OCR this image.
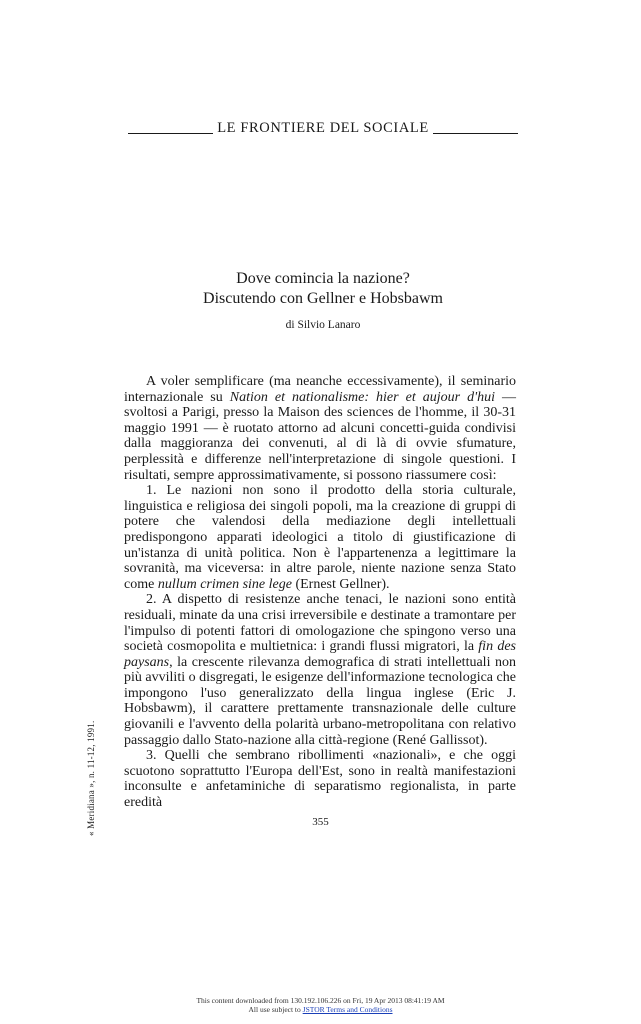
LE FRONTIERE DEL SOCIALE
Dove comincia la nazione?
Discutendo con Gellner e Hobsbawm
di Silvio Lanaro

A voler semplificare (ma neanche eccessivamente), il seminario internazionale su Nation et nationalisme: hier et aujour d'hui — svoltosi a Parigi, presso la Maison des sciences de l'homme, il 30-31 maggio 1991 — è ruotato attorno ad alcuni concetti-guida condivisi dalla maggioranza dei convenuti, al di là di ovvie sfumature, perplessità e differenze nell'interpretazione di singole questioni. I risultati, sempre approssimativamente, si possono riassumere così:

1. Le nazioni non sono il prodotto della storia culturale, linguistica e religiosa dei singoli popoli, ma la creazione di gruppi di potere che valendosi della mediazione degli intellettuali predispongono apparati ideologici a titolo di giustificazione di un'istanza di unità politica. Non è l'appartenenza a legittimare la sovranità, ma viceversa: in altre parole, niente nazione senza Stato come nullum crimen sine lege (Ernest Gellner).

2. A dispetto di resistenze anche tenaci, le nazioni sono entità residuali, minate da una crisi irreversibile e destinate a tramontare per l'impulso di potenti fattori di omologazione che spingono verso una società cosmopolita e multietnica: i grandi flussi migratori, la fin des paysans, la crescente rilevanza demografica di strati intellettuali non più avviliti o disgregati, le esigenze dell'informazione tecnologica che impongono l'uso generalizzato della lingua inglese (Eric J. Hobsbawm), il carattere prettamente transnazionale delle culture giovanili e l'avvento della polarità urbano-metropolitana con relativo passaggio dallo Stato-nazione alla città-regione (René Gallissot).

3. Quelli che sembrano ribollimenti «nazionali», e che oggi scuotono soprattutto l'Europa dell'Est, sono in realtà manifestazioni inconsulte e anfetaminiche di separatismo regionalista, in parte eredità

« Meridiana », n. 11-12, 1991.	355
This content downloaded from 130.192.106.226 on Fri, 19 Apr 2013 08:41:19 AM
All use subject to JSTOR Terms and Conditions
